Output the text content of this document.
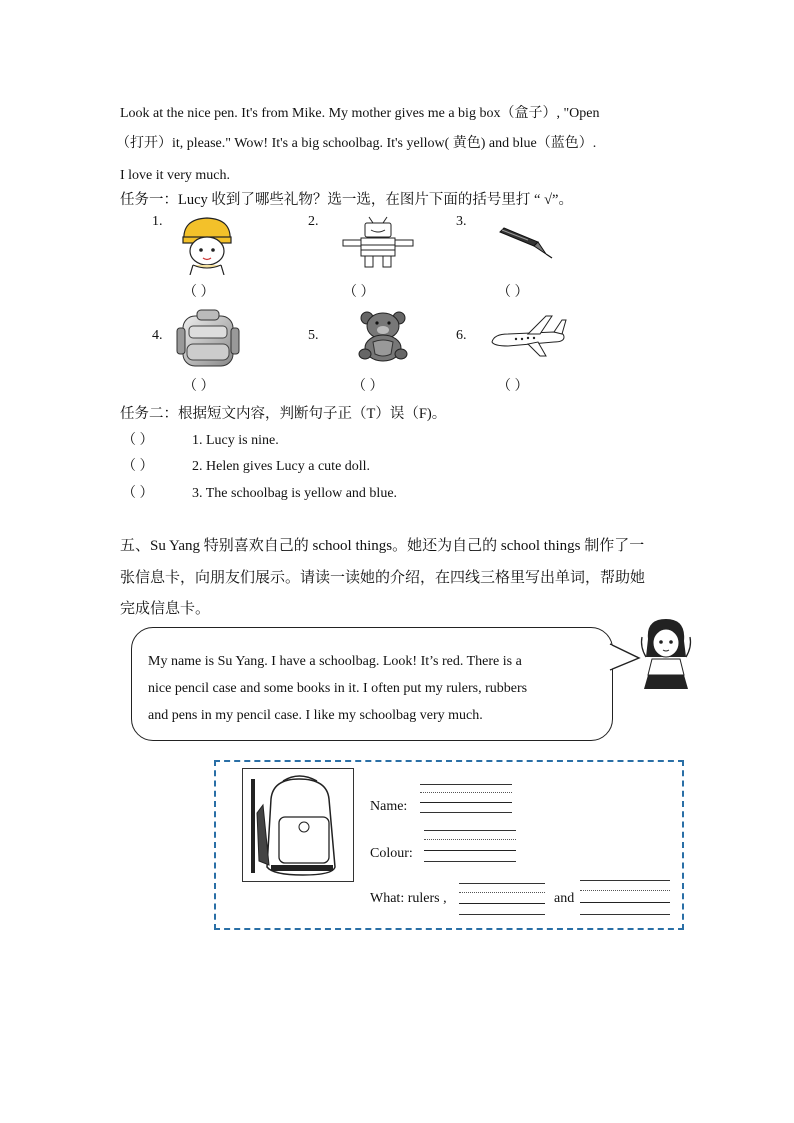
Look at the nice pen. It's from Mike. My mother gives me a big box（盒子）, "Open
（打开）it, please." Wow! It's a big schoolbag. It's yellow( 黄色) and blue（蓝色）.
I love it very much.
任务一：Lucy 收到了哪些礼物？选一选，在图片下面的括号里打 “ √”。
1.
（ ）
2.
（ ）
3.
（ ）
4.
（ ）
5.
（ ）
6.
（ ）
任务二：根据短文内容，判断句子正（T）误（F)。
（ ）	1. Lucy is nine.
（ ）	2. Helen gives Lucy a cute doll.
（ ）	3. The schoolbag is yellow and blue.
五、Su Yang 特别喜欢自己的 school things。她还为自己的 school things 制作了一
张信息卡，向朋友们展示。请读一读她的介绍，在四线三格里写出单词，帮助她
完成信息卡。
My name is Su Yang. I have a schoolbag. Look! It’s red. There is a
nice pencil case and some books in it. I often put my rulers, rubbers
and pens in my pencil case. I like my schoolbag very much.
Name:
Colour:
What: rulers ,	and
